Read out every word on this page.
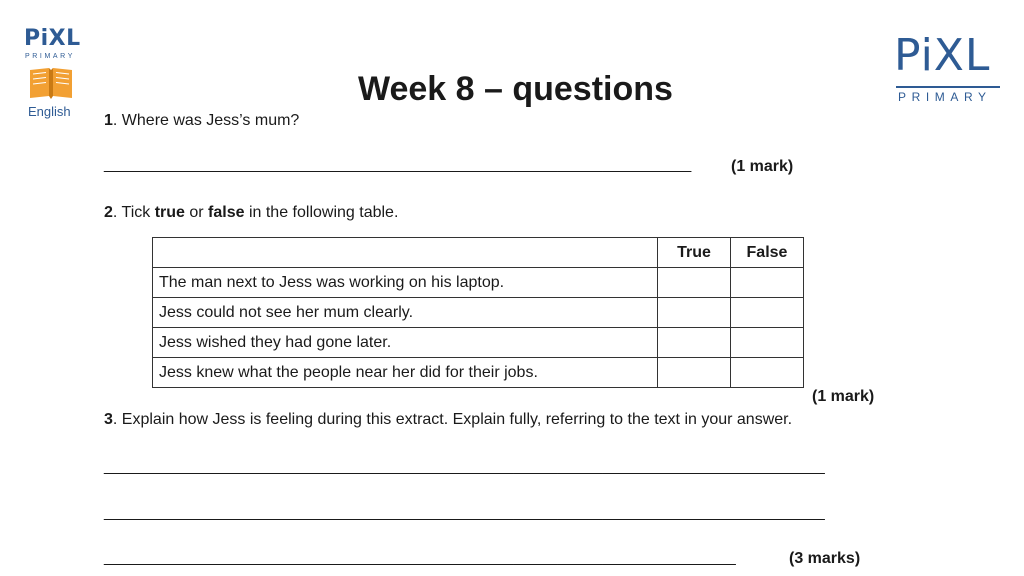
PiXL
PRIMARY
English
PiXL
PRIMARY
Week 8 – questions
1. Where was Jess’s mum?
__________________________________________________________________ (1 mark)
2. Tick true or false in the following table.
	True	False
The man next to Jess was working on his laptop.		
Jess could not see her mum clearly.		
Jess wished they had gone later.		
Jess knew what the people near her did for their jobs.		
(1 mark)
3. Explain how Jess is feeling during this extract. Explain fully, referring to the text in your answer.
_________________________________________________________________________________
_________________________________________________________________________________
_______________________________________________________________________	(3 marks)
